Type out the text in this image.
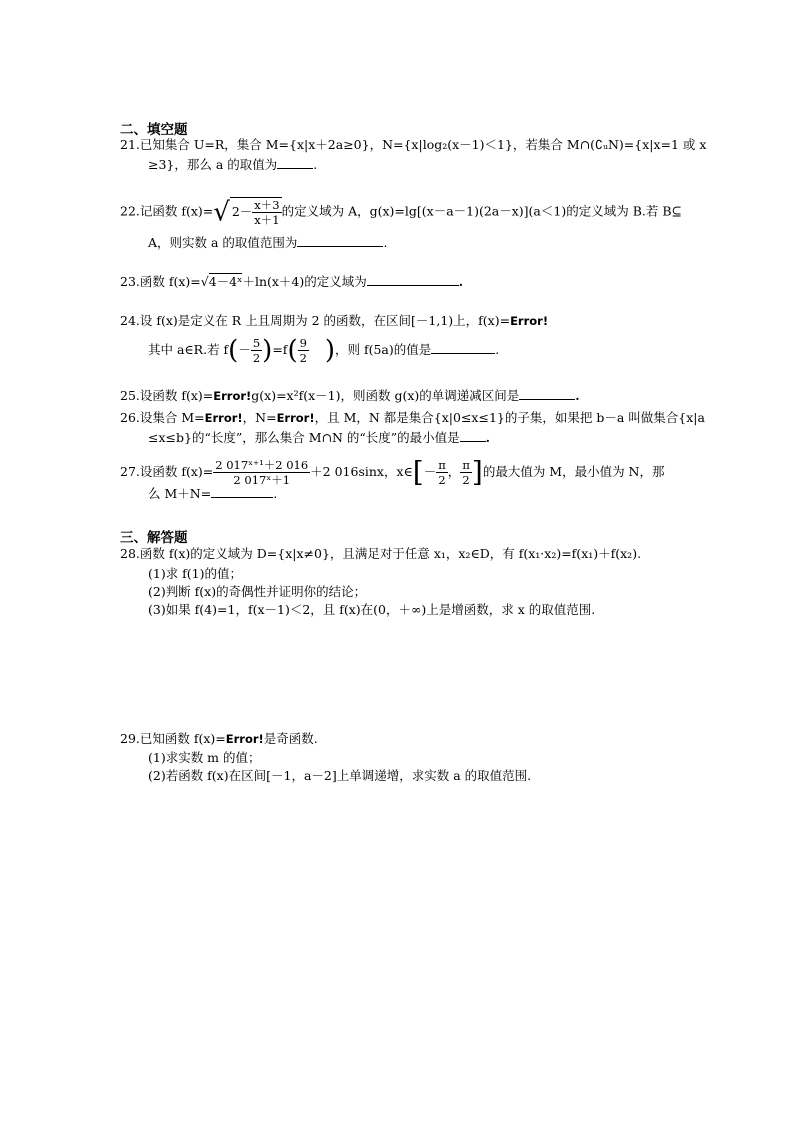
二、填空题
21.已知集合 U=R，集合 M={x|x＋2a≥0}，N={x|log₂(x－1)＜1}，若集合 M∩(∁ᵤN)={x|x=1 或 x
≥3}，那么 a 的取值为	.
22.记函数 f(x)=√ $2- \frac{x+3}{x+1}$ 的定义域为 A，g(x)=lg[(x－a－1)(2a－x)](a＜1)的定义域为 B.若 B⊆
A，则实数 a 的取值范围为	.
23.函数 f(x)=√4－4ˣ＋ln(x＋4)的定义域为	.
24.设 f(x)是定义在 R 上且周期为 2 的函数，在区间[－1,1)上，f(x)=Error!
其中 a∈R.若 $f(- \frac{5}{2} )=f( \frac{9}{2}$ )，则 f(5a)的值是	.
25.设函数 f(x)=Error!g(x)=x²f(x－1)，则函数 g(x)的单调递减区间是	.
26.设集合 M=Error!，N=Error!，且 M，N 都是集合{x|0≤x≤1}的子集，如果把 b－a 叫做集合{x|a
≤x≤b}的“长度”，那么集合 M∩N 的“长度”的最小值是 .
27.设函数 $f(x)= \frac{\text{2 017ˣ⁺¹＋2 016}}{\text{2 017ˣ＋1}} +2$ 016sinx，x∈[－ $\frac{\pi}{2}$ ， $\frac{\pi}{2}$ ]的最大值为 M，最小值为 N，那
么 M＋N=	.
三、解答题
28.函数 f(x)的定义域为 D={x|x≠0}，且满足对于任意 x₁，x₂∈D，有 f(x₁·x₂)=f(x₁)＋f(x₂).
(1)求 f(1)的值；
(2)判断 f(x)的奇偶性并证明你的结论；
(3)如果 f(4)=1，f(x－1)＜2，且 f(x)在(0，＋∞)上是增函数，求 x 的取值范围.
29.已知函数 f(x)=Error!是奇函数.
(1)求实数 m 的值；
(2)若函数 f(x)在区间[－1，a－2]上单调递增，求实数 a 的取值范围.
